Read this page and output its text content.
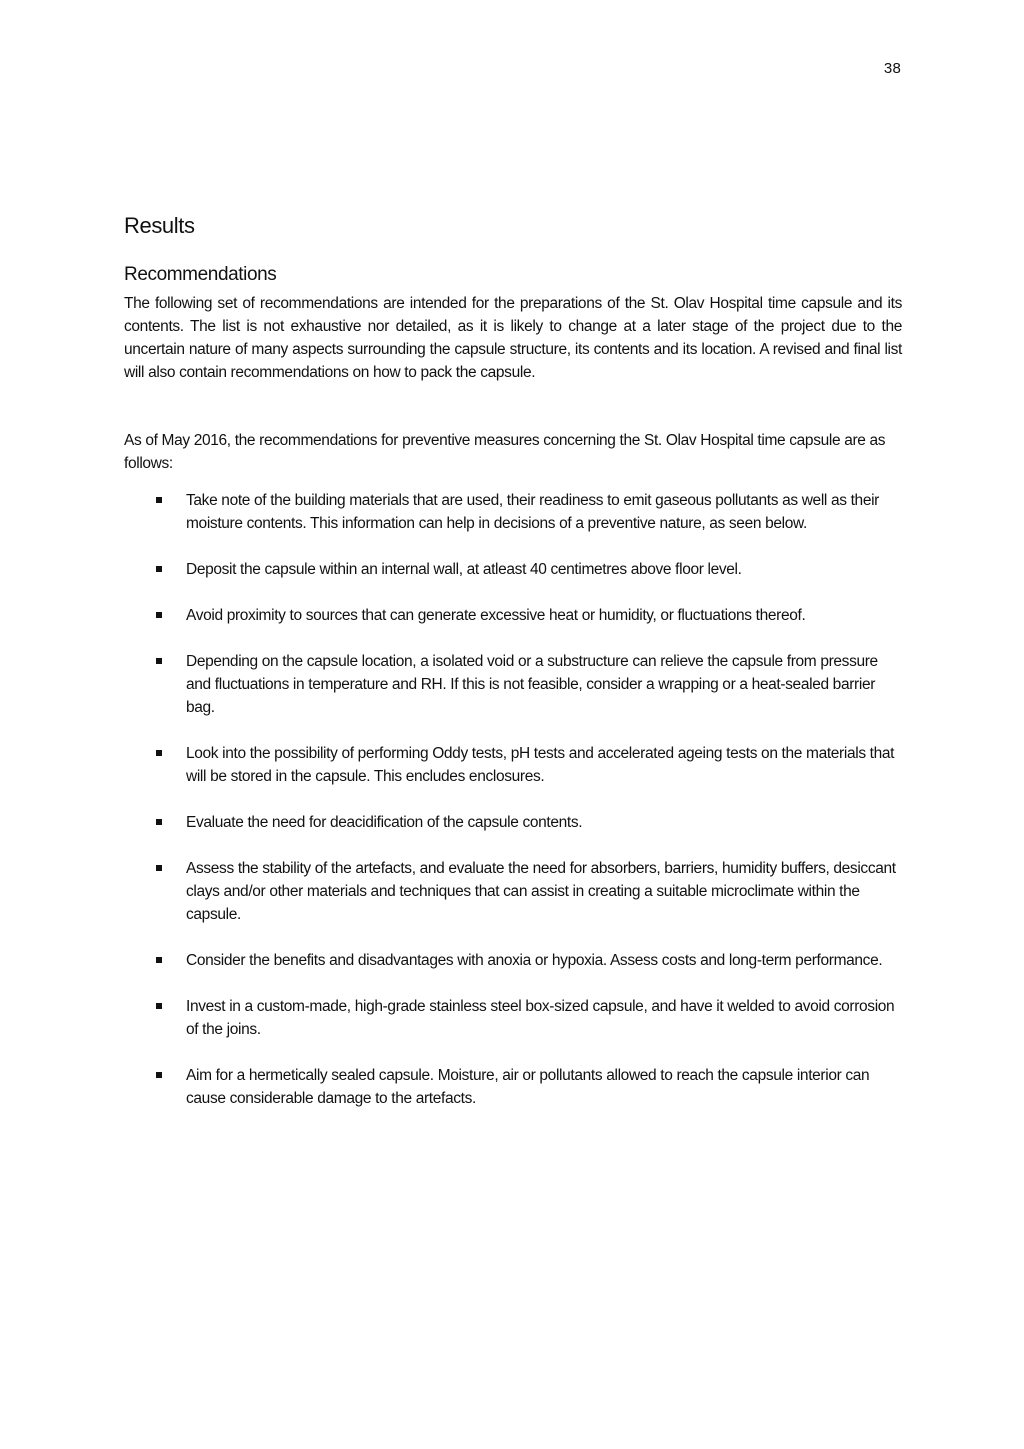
38
Results
Recommendations

The following set of recommendations are intended for the preparations of the St. Olav Hospital time capsule and its contents. The list is not exhaustive nor detailed, as it is likely to change at a later stage of the project due to the uncertain nature of many aspects surrounding the capsule structure, its contents and its location. A revised and final list will also contain recommendations on how to pack the capsule.

As of May 2016, the recommendations for preventive measures concerning the St. Olav Hospital time capsule are as follows:

Take note of the building materials that are used, their readiness to emit gaseous pollutants as well as their moisture contents. This information can help in decisions of a preventive nature, as seen below.
Deposit the capsule within an internal wall, at atleast 40 centimetres above floor level.
Avoid proximity to sources that can generate excessive heat or humidity, or fluctuations thereof.
Depending on the capsule location, a isolated void or a substructure can relieve the capsule from pressure and fluctuations in temperature and RH. If this is not feasible, consider a wrapping or a heat-sealed barrier bag.
Look into the possibility of performing Oddy tests, pH tests and accelerated ageing tests on the materials that will be stored in the capsule. This encludes enclosures.
Evaluate the need for deacidification of the capsule contents.
Assess the stability of the artefacts, and evaluate the need for absorbers, barriers, humidity buffers, desiccant clays and/or other materials and techniques that can assist in creating a suitable microclimate within the capsule.
Consider the benefits and disadvantages with anoxia or hypoxia. Assess costs and long-term performance.
Invest in a custom-made, high-grade stainless steel box-sized capsule, and have it welded to avoid corrosion of the joins.
Aim for a hermetically sealed capsule. Moisture, air or pollutants allowed to reach the capsule interior can cause considerable damage to the artefacts.
